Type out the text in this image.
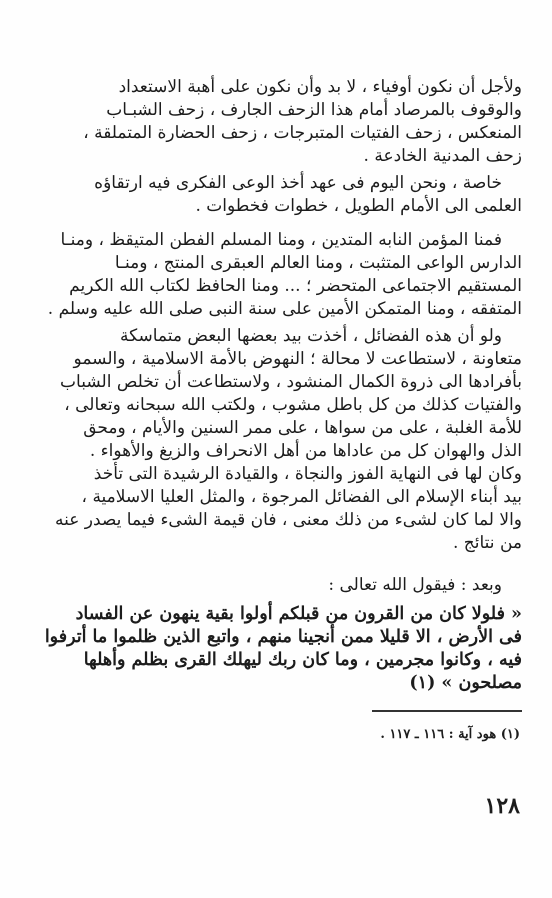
ولأجل أن نكون أوفياء ، لا بد وأن نكون على أهبة الاستعداد
والوقوف بالمرصاد أمام هذا الزحف الجارف ، زحف الشبـاب
المنعكس ، زحف الفتيات المتبرجات ، زحف الحضارة المتملقة ،
زحف المدنية الخادعة .
خاصة ، ونحن اليوم فى عهد أخذ الوعى الفكرى فيه ارتقاؤه
العلمى الى الأمام الطويل ، خطوات فخطوات .
فمنا المؤمن النابه المتدين ، ومنا المسلم الفطن المتيقظ ، ومنـا
الدارس الواعى المتثبت ، ومنا العالم العبقرى المنتج ، ومنـا
المستقيم الاجتماعى المتحضر ؛ ... ومنا الحافظ لكتاب الله الكريم
المتفقه ، ومنا المتمكن الأمين على سنة النبى صلى الله عليه وسلم .
ولو أن هذه الفضائل ، أخذت بيد بعضها البعض متماسكة
متعاونة ، لاستطاعت لا محالة ؛ النهوض بالأمة الاسلامية ، والسمو
بأفرادها الى ذروة الكمال المنشود ، ولاستطاعت أن تخلص الشباب
والفتيات كذلك من كل باطل مشوب ، ولكتب الله سبحانه وتعالى ،
للأمة الغلبة ، على من سواها ، على ممر السنين والأيام ، ومحق
الذل والهوان كل من عاداها من أهل الانحراف والزيغ والأهواء .
وكان لها فى النهاية الفوز والنجاة ، والقيادة الرشيدة التى تأخذ
بيد أبناء الإسلام الى الفضائل المرجوة ، والمثل العليا الاسلامية ،
والا لما كان لشىء من ذلك معنى ، فان قيمة الشىء فيما يصدر عنه
من نتائج .
وبعد : فيقول الله تعالى :
« فلولا كان من القرون من قبلكم أولوا بقية ينهون عن الفساد
فى الأرض ، الا قليلا ممن أنجينا منهم ، واتبع الذين ظلموا ما أترفوا
فيه ، وكانوا مجرمين ، وما كان ربك ليهلك القرى بظلم وأهلها
مصلحون » (١)
(١) هود آية : ١١٦ ـ ١١٧ .
١٢٨
